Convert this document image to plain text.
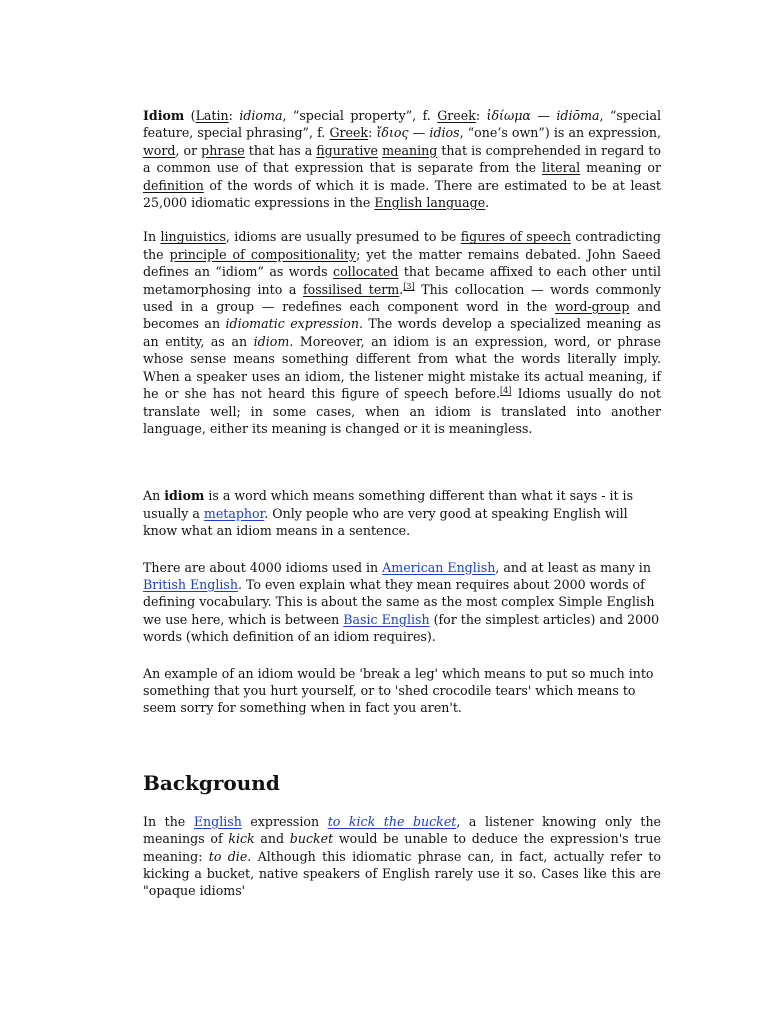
Idiom (Latin: idioma, “special property”, f. Greek: ἰδίωμα — idiōma, “special feature, special phrasing”, f. Greek: ἴδιος — idios, “one’s own”) is an expression, word, or phrase that has a figurative meaning that is comprehended in regard to a common use of that expression that is separate from the literal meaning or definition of the words of which it is made. There are estimated to be at least 25,000 idiomatic expressions in the English language.

In linguistics, idioms are usually presumed to be figures of speech contradicting the principle of compositionality; yet the matter remains debated. John Saeed defines an “idiom” as words collocated that became affixed to each other until metamorphosing into a fossilised term.[3] This collocation — words commonly used in a group — redefines each component word in the word-group and becomes an idiomatic expression. The words develop a specialized meaning as an entity, as an idiom. Moreover, an idiom is an expression, word, or phrase whose sense means something different from what the words literally imply. When a speaker uses an idiom, the listener might mistake its actual meaning, if he or she has not heard this figure of speech before.[4] Idioms usually do not translate well; in some cases, when an idiom is translated into another language, either its meaning is changed or it is meaningless.

An idiom is a word which means something different than what it says - it is usually a metaphor. Only people who are very good at speaking English will know what an idiom means in a sentence.

There are about 4000 idioms used in American English, and at least as many in British English. To even explain what they mean requires about 2000 words of defining vocabulary. This is about the same as the most complex Simple English we use here, which is between Basic English (for the simplest articles) and 2000 words (which definition of an idiom requires).

An example of an idiom would be 'break a leg' which means to put so much into something that you hurt yourself, or to 'shed crocodile tears' which means to seem sorry for something when in fact you aren't.

Background

In the English expression to kick the bucket, a listener knowing only the meanings of kick and bucket would be unable to deduce the expression's true meaning: to die. Although this idiomatic phrase can, in fact, actually refer to kicking a bucket, native speakers of English rarely use it so. Cases like this are "opaque idioms'
